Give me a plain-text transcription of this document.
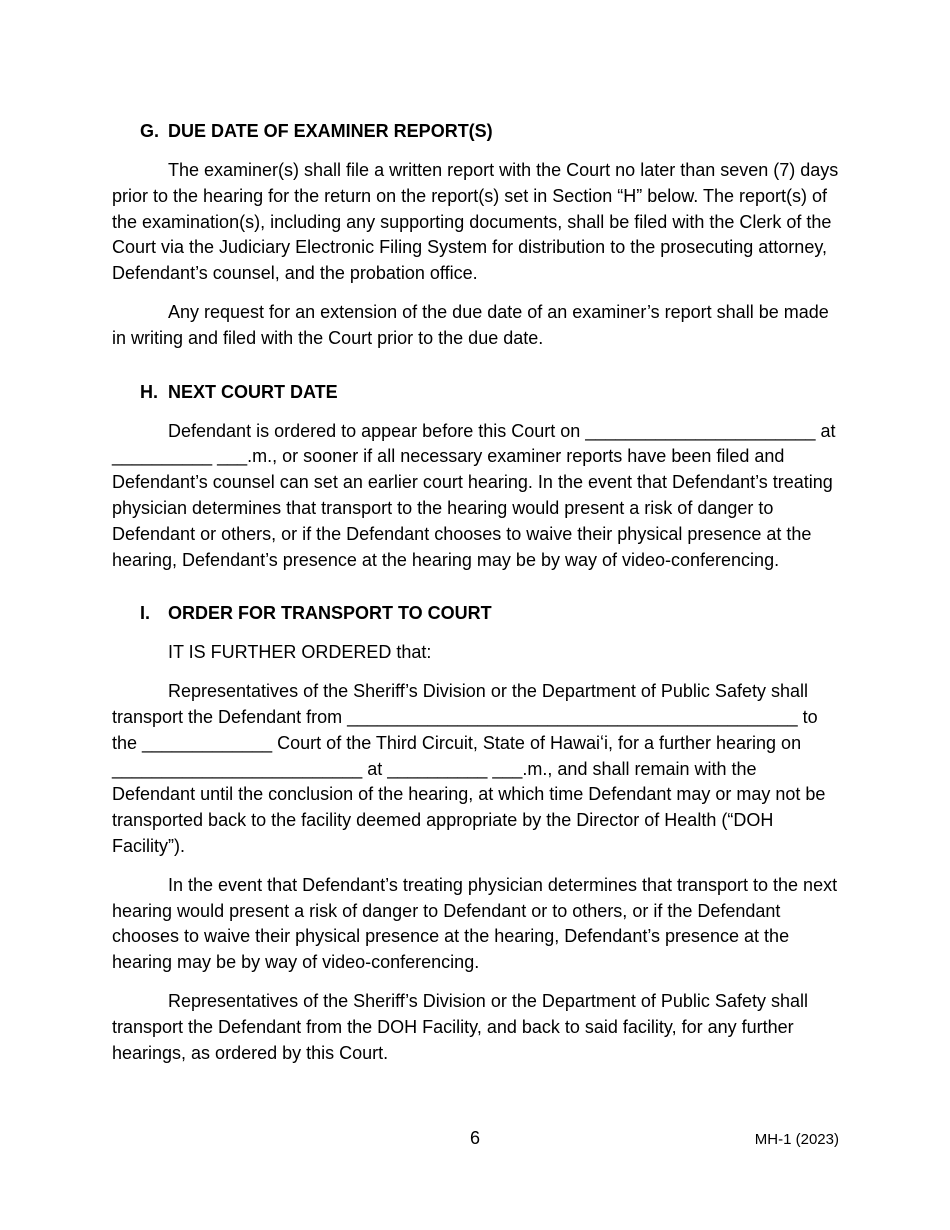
G. DUE DATE OF EXAMINER REPORT(S)

The examiner(s) shall file a written report with the Court no later than seven (7) days prior to the hearing for the return on the report(s) set in Section “H” below. The report(s) of the examination(s), including any supporting documents, shall be filed with the Clerk of the Court via the Judiciary Electronic Filing System for distribution to the prosecuting attorney, Defendant’s counsel, and the probation office.

Any request for an extension of the due date of an examiner’s report shall be made in writing and filed with the Court prior to the due date.

H. NEXT COURT DATE

Defendant is ordered to appear before this Court on _______________________ at __________ ___.m., or sooner if all necessary examiner reports have been filed and Defendant’s counsel can set an earlier court hearing. In the event that Defendant’s treating physician determines that transport to the hearing would present a risk of danger to Defendant or others, or if the Defendant chooses to waive their physical presence at the hearing, Defendant’s presence at the hearing may be by way of video-conferencing.

I. ORDER FOR TRANSPORT TO COURT

IT IS FURTHER ORDERED that:

Representatives of the Sheriff’s Division or the Department of Public Safety shall transport the Defendant from _____________________________________________ to the _____________ Court of the Third Circuit, State of Hawaiʻi, for a further hearing on _________________________ at __________ ___.m., and shall remain with the Defendant until the conclusion of the hearing, at which time Defendant may or may not be transported back to the facility deemed appropriate by the Director of Health (“DOH Facility”).

In the event that Defendant’s treating physician determines that transport to the next hearing would present a risk of danger to Defendant or to others, or if the Defendant chooses to waive their physical presence at the hearing, Defendant’s presence at the hearing may be by way of video-conferencing.

Representatives of the Sheriff’s Division or the Department of Public Safety shall transport the Defendant from the DOH Facility, and back to said facility, for any further hearings, as ordered by this Court.

6	MH-1 (2023)
